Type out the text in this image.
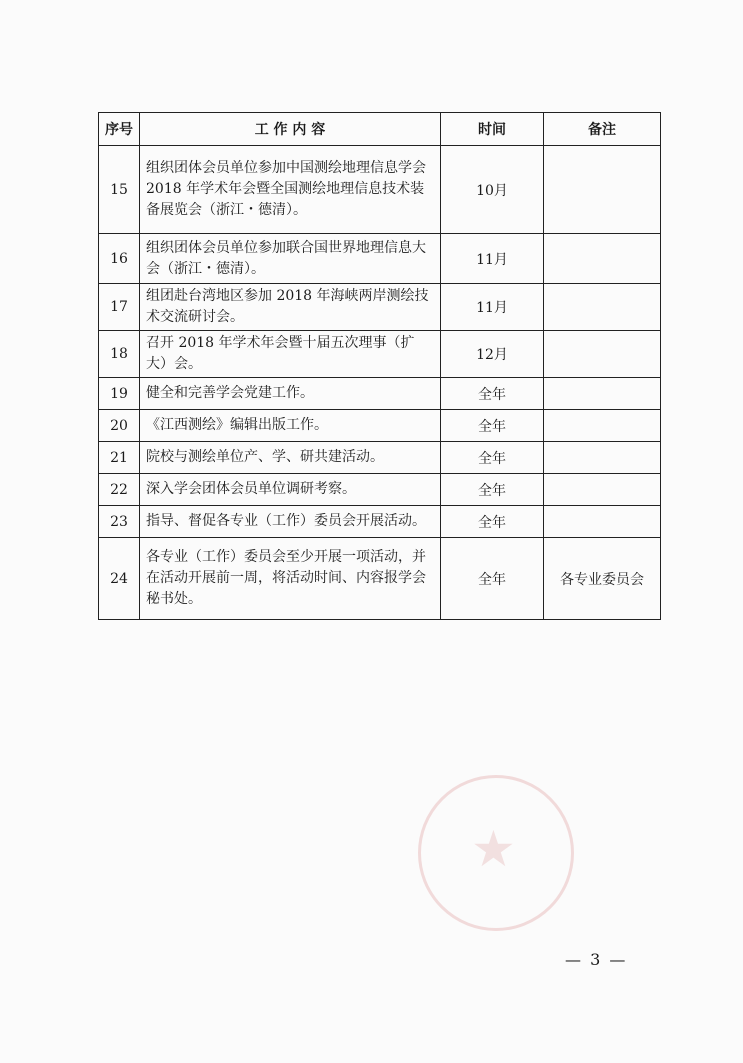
★
序号	工 作 内 容	时间	备注
15	组织团体会员单位参加中国测绘地理信息学会 2018 年学术年会暨全国测绘地理信息技术装备展览会（浙江・德清）。	10月	
16	组织团体会员单位参加联合国世界地理信息大会（浙江・德清）。	11月	
17	组团赴台湾地区参加 2018 年海峡两岸测绘技术交流研讨会。	11月	
18	召开 2018 年学术年会暨十届五次理事（扩大）会。	12月	
19	健全和完善学会党建工作。	全年	
20	《江西测绘》编辑出版工作。	全年	
21	院校与测绘单位产、学、研共建活动。	全年	
22	深入学会团体会员单位调研考察。	全年	
23	指导、督促各专业（工作）委员会开展活动。	全年	
24	各专业（工作）委员会至少开展一项活动，并在活动开展前一周，将活动时间、内容报学会秘书处。	全年	各专业委员会
— 3 —
